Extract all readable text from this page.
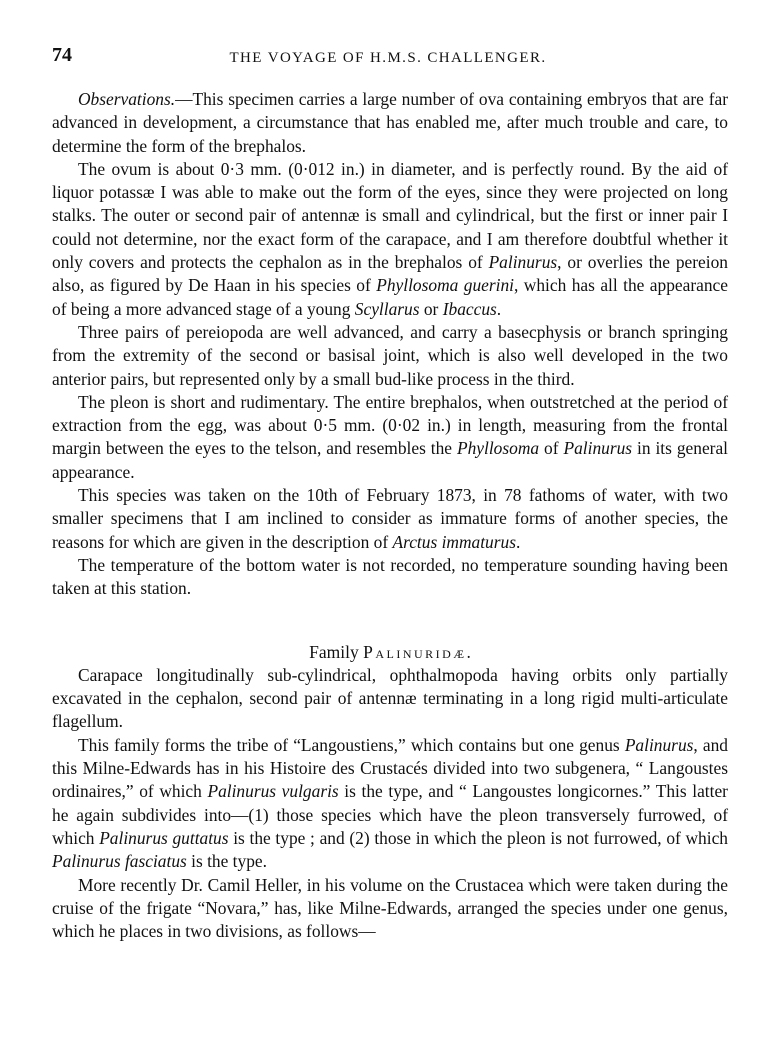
74	THE VOYAGE OF H.M.S. CHALLENGER.

Observations.—This specimen carries a large number of ova containing embryos that are far advanced in development, a circumstance that has enabled me, after much trouble and care, to determine the form of the brephalos.

The ovum is about 0·3 mm. (0·012 in.) in diameter, and is perfectly round. By the aid of liquor potassæ I was able to make out the form of the eyes, since they were projected on long stalks. The outer or second pair of antennæ is small and cylindrical, but the first or inner pair I could not determine, nor the exact form of the carapace, and I am therefore doubtful whether it only covers and protects the cephalon as in the brephalos of Palinurus, or overlies the pereion also, as figured by De Haan in his species of Phyllosoma guerini, which has all the appearance of being a more advanced stage of a young Scyllarus or Ibaccus.

Three pairs of pereiopoda are well advanced, and carry a basecphysis or branch springing from the extremity of the second or basisal joint, which is also well developed in the two anterior pairs, but represented only by a small bud-like process in the third.

The pleon is short and rudimentary. The entire brephalos, when outstretched at the period of extraction from the egg, was about 0·5 mm. (0·02 in.) in length, measuring from the frontal margin between the eyes to the telson, and resembles the Phyllosoma of Palinurus in its general appearance.

This species was taken on the 10th of February 1873, in 78 fathoms of water, with two smaller specimens that I am inclined to consider as immature forms of another species, the reasons for which are given in the description of Arctus immaturus.

The temperature of the bottom water is not recorded, no temperature sounding having been taken at this station.

Family Palinuridæ.

Carapace longitudinally sub-cylindrical, ophthalmopoda having orbits only partially excavated in the cephalon, second pair of antennæ terminating in a long rigid multi-articulate flagellum.

This family forms the tribe of “Langoustiens,” which contains but one genus Palinurus, and this Milne-Edwards has in his Histoire des Crustacés divided into two subgenera, “ Langoustes ordinaires,” of which Palinurus vulgaris is the type, and “ Langoustes longicornes.” This latter he again subdivides into—(1) those species which have the pleon transversely furrowed, of which Palinurus guttatus is the type ; and (2) those in which the pleon is not furrowed, of which Palinurus fasciatus is the type.

More recently Dr. Camil Heller, in his volume on the Crustacea which were taken during the cruise of the frigate “Novara,” has, like Milne-Edwards, arranged the species under one genus, which he places in two divisions, as follows—
